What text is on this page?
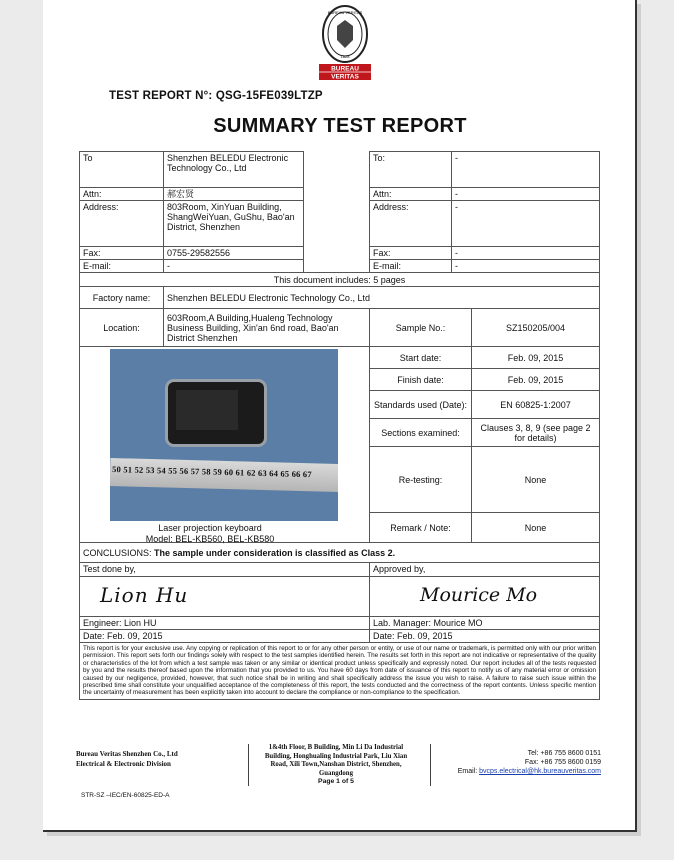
BUREAU VERITAS
1828
BUREAU
VERITAS
TEST REPORT N°: QSG-15FE039LTZP
SUMMARY TEST REPORT
To	Shenzhen BELEDU Electronic Technology Co., Ltd		To:	-	
Attn:	郝宏贤		Attn:	-	
Address:	803Room, XinYuan Building, ShangWeiYuan, GuShu, Bao'an District, Shenzhen		Address:	-	
Fax:	0755-29582556		Fax:	-	
E-mail:	-		E-mail:	-	
This document includes: 5 pages					
Factory name:	Shenzhen BELEDU Electronic Technology Co., Ltd				
Location:	603Room,A Building,Hualeng Technology Business Building, Xin'an 6nd road, Bao'an District Shenzhen		Sample No.:		SZ150205/004
			Start date:		Feb. 09, 2015
			Finish date:		Feb. 09, 2015
			Standards used (Date):		EN 60825-1:2007
			Sections examined:		Clauses 3, 8, 9 (see page 2 for details)
			Re-testing:		None
			Remark / Note:		None
CONCLUSIONS: The sample under consideration is classified as Class 2.					
Test done by,			Approved by,		
Lion Hu			Mourice Mo		
Engineer: Lion HU			Lab. Manager: Mourice MO		
Date: Feb. 09, 2015			Date: Feb. 09, 2015		
This report is for your exclusive use. Any copying or replication of this report to or for any other person or entity, or use of our name or trademark, is permitted only with our prior written permission. This report sets forth our findings solely with respect to the test samples identified herein. The results set forth in this report are not indicative or representative of the quality or characteristics of the lot from which a test sample was taken or any similar or identical product unless specifically and expressly noted. Our report includes all of the tests requested by you and the results thereof based upon the information that you provided to us. You have 60 days from date of issuance of this report to notify us of any material error or omission caused by our negligence, provided, however, that such notice shall be in writing and shall specifically address the issue you wish to raise. A failure to raise such issue within the prescribed time shall constitute your unqualified acceptance of the completeness of this report, the tests conducted and the correctness of the report contents. Unless specific mention the uncertainty of measurement has been explicitly taken into account to declare the compliance or non-compliance to the specification.					
50 51 52 53 54 55 56 57 58 59 60 61 62 63 64 65 66 67
Laser projection keyboard
Model: BEL-KB560, BEL-KB580
Bureau Veritas Shenzhen Co., Ltd
Electrical & Electronic Division
1&4th Floor, B Building, Min Li Da Industrial
Building, Honghualing Industrial Park, Liu Xian
Road, Xili Town,Nanshan District, Shenzhen,
Guangdong
Page 1 of 5
Tel: +86 755 8600 0151
Fax: +86 755 8600 0159
Email: bvcps.electrical@hk.bureauveritas.com
STR-SZ –IEC/EN-60825-ED-A
